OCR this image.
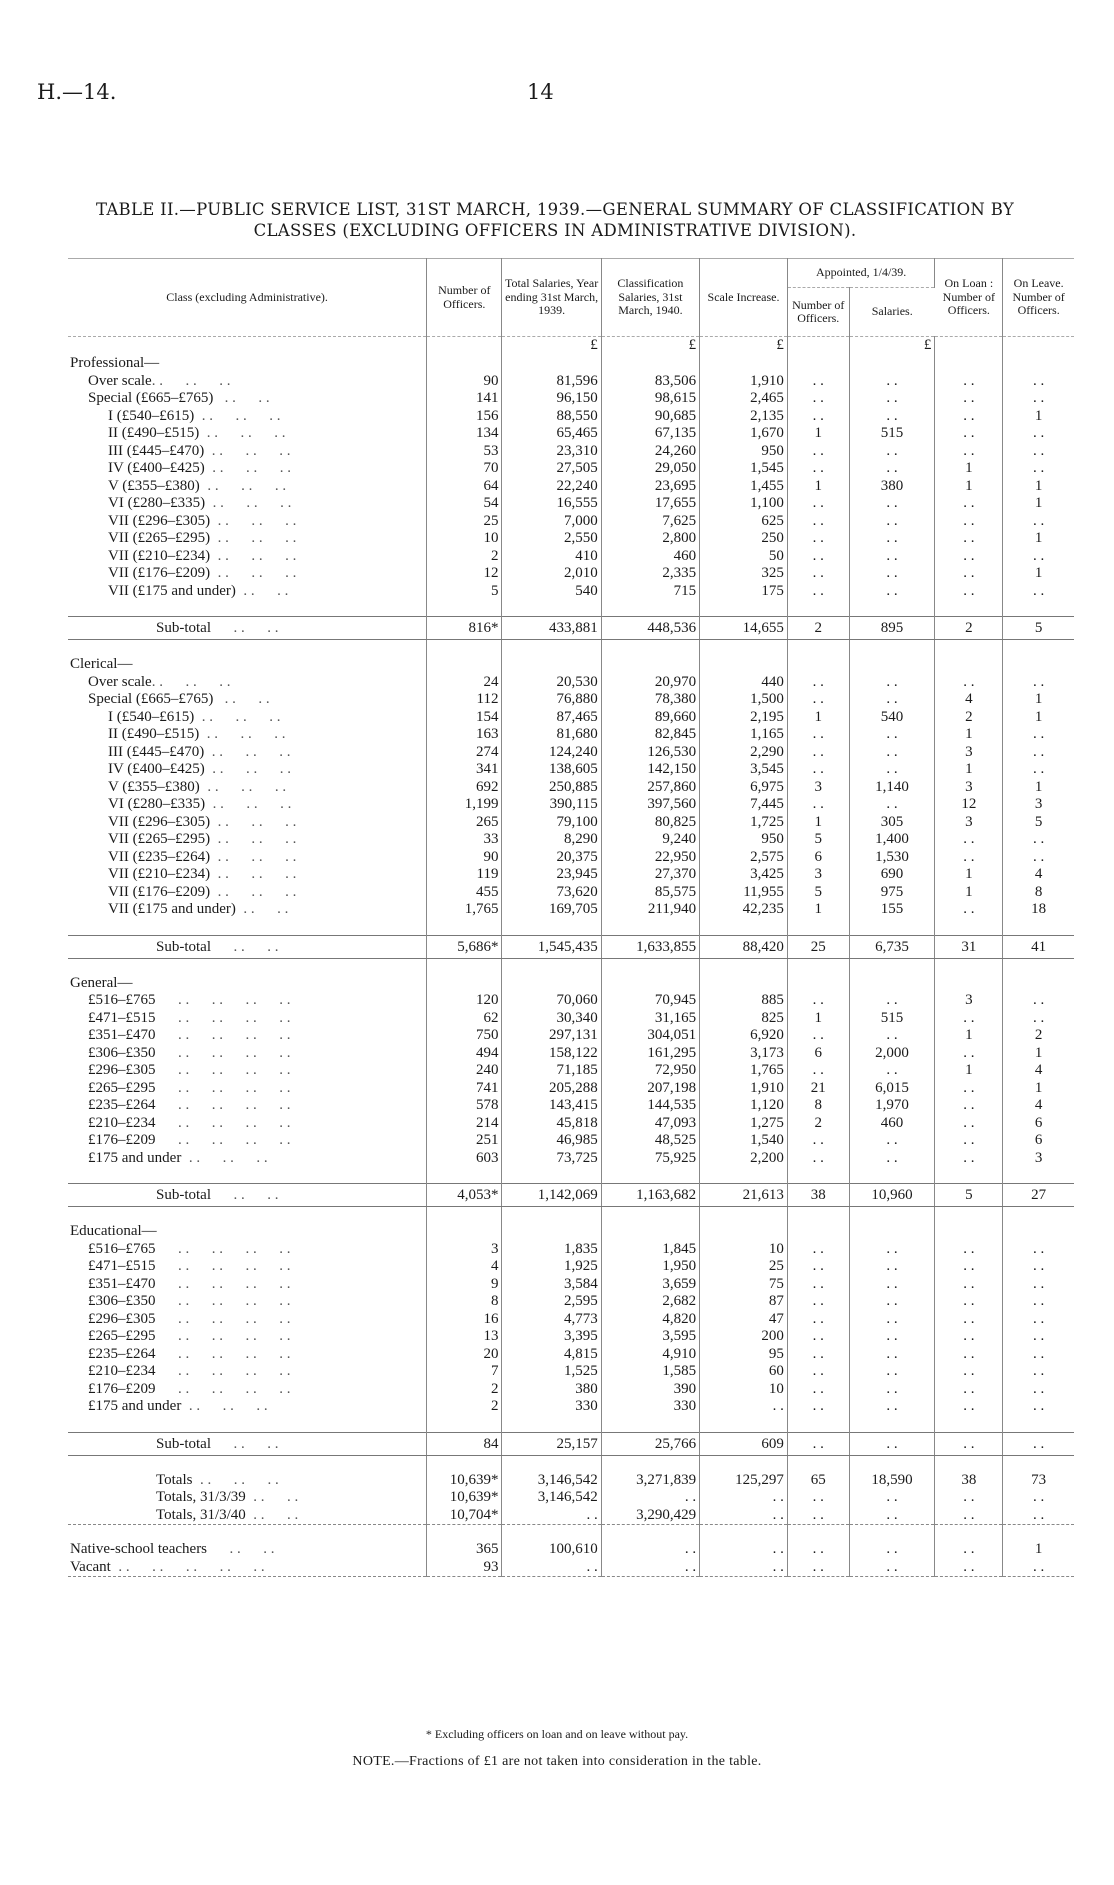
H.—14.	14
TABLE II.—PUBLIC SERVICE LIST, 31ST MARCH, 1939.—GENERAL SUMMARY OF CLASSIFICATION BY
CLASSES (EXCLUDING OFFICERS IN ADMINISTRATIVE DIVISION).
Class (excluding Administrative).	Number of Officers.	Total Salaries, Year ending 31st March, 1939.	Classification Salaries, 31st March, 1940.	Scale Increase.	Appointed, 1/4/39.		On Loan : Number of Officers.	On Leave. Number of Officers.
					Number of Officers.	Salaries.		
		£	£	£		£		
Professional—								
Over scale. .      . .      . .	90	81,596	83,506	1,910	. .	. .	. .	. .
Special (£665–£765)   . .      . .	141	96,150	98,615	2,465	. .	. .	. .	. .
I (£540–£615)  . .      . .      . .	156	88,550	90,685	2,135	. .	. .	. .	1
II (£490–£515)  . .      . .      . .	134	65,465	67,135	1,670	1	515	. .	. .
III (£445–£470)  . .      . .      . .	53	23,310	24,260	950	. .	. .	. .	. .
IV (£400–£425)  . .      . .      . .	70	27,505	29,050	1,545	. .	. .	1	. .
V (£355–£380)  . .      . .      . .	64	22,240	23,695	1,455	1	380	1	1
VI (£280–£335)  . .      . .      . .	54	16,555	17,655	1,100	. .	. .	. .	1
VII (£296–£305)  . .      . .      . .	25	7,000	7,625	625	. .	. .	. .	. .
VII (£265–£295)  . .      . .      . .	10	2,550	2,800	250	. .	. .	. .	1
VII (£210–£234)  . .      . .      . .	2	410	460	50	. .	. .	. .	. .
VII (£176–£209)  . .      . .      . .	12	2,010	2,335	325	. .	. .	. .	1
VII (£175 and under)  . .      . .	5	540	715	175	. .	. .	. .	. .

Sub-total      . .      . .	816*	433,881	448,536	14,655	2	895	2	5

Clerical—								
Over scale. .      . .      . .	24	20,530	20,970	440	. .	. .	. .	. .
Special (£665–£765)   . .      . .	112	76,880	78,380	1,500	. .	. .	4	1
I (£540–£615)  . .      . .      . .	154	87,465	89,660	2,195	1	540	2	1
II (£490–£515)  . .      . .      . .	163	81,680	82,845	1,165	. .	. .	1	. .
III (£445–£470)  . .      . .      . .	274	124,240	126,530	2,290	. .	. .	3	. .
IV (£400–£425)  . .      . .      . .	341	138,605	142,150	3,545	. .	. .	1	. .
V (£355–£380)  . .      . .      . .	692	250,885	257,860	6,975	3	1,140	3	1
VI (£280–£335)  . .      . .      . .	1,199	390,115	397,560	7,445	. .	. .	12	3
VII (£296–£305)  . .      . .      . .	265	79,100	80,825	1,725	1	305	3	5
VII (£265–£295)  . .      . .      . .	33	8,290	9,240	950	5	1,400	. .	. .
VII (£235–£264)  . .      . .      . .	90	20,375	22,950	2,575	6	1,530	. .	. .
VII (£210–£234)  . .      . .      . .	119	23,945	27,370	3,425	3	690	1	4
VII (£176–£209)  . .      . .      . .	455	73,620	85,575	11,955	5	975	1	8
VII (£175 and under)  . .      . .	1,765	169,705	211,940	42,235	1	155	. .	18

Sub-total      . .      . .	5,686*	1,545,435	1,633,855	88,420	25	6,735	31	41

General—								
£516–£765      . .      . .      . .      . .	120	70,060	70,945	885	. .	. .	3	. .
£471–£515      . .      . .      . .      . .	62	30,340	31,165	825	1	515	. .	. .
£351–£470      . .      . .      . .      . .	750	297,131	304,051	6,920	. .	. .	1	2
£306–£350      . .      . .      . .      . .	494	158,122	161,295	3,173	6	2,000	. .	1
£296–£305      . .      . .      . .      . .	240	71,185	72,950	1,765	. .	. .	1	4
£265–£295      . .      . .      . .      . .	741	205,288	207,198	1,910	21	6,015	. .	1
£235–£264      . .      . .      . .      . .	578	143,415	144,535	1,120	8	1,970	. .	4
£210–£234      . .      . .      . .      . .	214	45,818	47,093	1,275	2	460	. .	6
£176–£209      . .      . .      . .      . .	251	46,985	48,525	1,540	. .	. .	. .	6
£175 and under  . .      . .      . .	603	73,725	75,925	2,200	. .	. .	. .	3

Sub-total      . .      . .	4,053*	1,142,069	1,163,682	21,613	38	10,960	5	27

Educational—								
£516–£765      . .      . .      . .      . .	3	1,835	1,845	10	. .	. .	. .	. .
£471–£515      . .      . .      . .      . .	4	1,925	1,950	25	. .	. .	. .	. .
£351–£470      . .      . .      . .      . .	9	3,584	3,659	75	. .	. .	. .	. .
£306–£350      . .      . .      . .      . .	8	2,595	2,682	87	. .	. .	. .	. .
£296–£305      . .      . .      . .      . .	16	4,773	4,820	47	. .	. .	. .	. .
£265–£295      . .      . .      . .      . .	13	3,395	3,595	200	. .	. .	. .	. .
£235–£264      . .      . .      . .      . .	20	4,815	4,910	95	. .	. .	. .	. .
£210–£234      . .      . .      . .      . .	7	1,525	1,585	60	. .	. .	. .	. .
£176–£209      . .      . .      . .      . .	2	380	390	10	. .	. .	. .	. .
£175 and under  . .      . .      . .	2	330	330	. .	. .	. .	. .	. .

Sub-total      . .      . .	84	25,157	25,766	609	. .	. .	. .	. .

Totals  . .      . .      . .	10,639*	3,146,542	3,271,839	125,297	65	18,590	38	73
Totals, 31/3/39  . .      . .	10,639*	3,146,542	. .	. .	. .	. .	. .	. .
Totals, 31/3/40  . .      . .	10,704*	. .	3,290,429	. .	. .	. .	. .	. .

Native-school teachers      . .      . .	365	100,610	. .	. .	. .	. .	. .	1
Vacant  . .      . .      . .      . .      . .	93	. .	. .	. .	. .	. .	. .	. .
* Excluding officers on loan and on leave without pay.
NOTE.—Fractions of £1 are not taken into consideration in the table.
